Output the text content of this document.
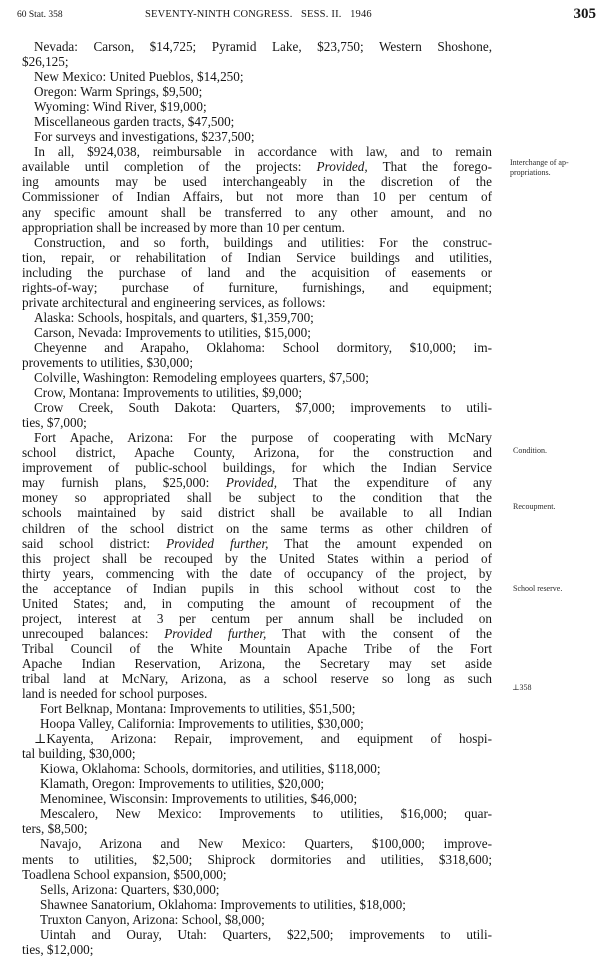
60 Stat. 358	SEVENTY-NINTH CONGRESS.   SESS. II.   1946	305
Nevada: Carson, $14,725; Pyramid Lake, $23,750; Western Shoshone,
$26,125;
New Mexico: United Pueblos, $14,250;
Oregon: Warm Springs, $9,500;
Wyoming: Wind River, $19,000;
Miscellaneous garden tracts, $47,500;
For surveys and investigations, $237,500;
In all, $924,038, reimbursable in accordance with law, and to remain
available until completion of the projects: Provided, That the forego-
ing amounts may be used interchangeably in the discretion of the
Commissioner of Indian Affairs, but not more than 10 per centum of
any specific amount shall be transferred to any other amount, and no
appropriation shall be increased by more than 10 per centum.
Construction, and so forth, buildings and utilities: For the construc-
tion, repair, or rehabilitation of Indian Service buildings and utilities,
including the purchase of land and the acquisition of easements or
rights-of-way; purchase of furniture, furnishings, and equipment;
private architectural and engineering services, as follows:
Alaska: Schools, hospitals, and quarters, $1,359,700;
Carson, Nevada: Improvements to utilities, $15,000;
Cheyenne and Arapaho, Oklahoma: School dormitory, $10,000; im-
provements to utilities, $30,000;
Colville, Washington: Remodeling employees quarters, $7,500;
Crow, Montana: Improvements to utilities, $9,000;
Crow Creek, South Dakota: Quarters, $7,000; improvements to utili-
ties, $7,000;
Fort Apache, Arizona: For the purpose of cooperating with McNary
school district, Apache County, Arizona, for the construction and
improvement of public-school buildings, for which the Indian Service
may furnish plans, $25,000: Provided, That the expenditure of any
money so appropriated shall be subject to the condition that the
schools maintained by said district shall be available to all Indian
children of the school district on the same terms as other children of
said school district: Provided further, That the amount expended on
this project shall be recouped by the United States within a period of
thirty years, commencing with the date of occupancy of the project, by
the acceptance of Indian pupils in this school without cost to the
United States; and, in computing the amount of recoupment of the
project, interest at 3 per centum per annum shall be included on
unrecouped balances: Provided further, That with the consent of the
Tribal Council of the White Mountain Apache Tribe of the Fort
Apache Indian Reservation, Arizona, the Secretary may set aside
tribal land at McNary, Arizona, as a school reserve so long as such
land is needed for school purposes.
Fort Belknap, Montana: Improvements to utilities, $51,500;
Hoopa Valley, California: Improvements to utilities, $30,000;
⊥Kayenta, Arizona: Repair, improvement, and equipment of hospi-
tal building, $30,000;
Kiowa, Oklahoma: Schools, dormitories, and utilities, $118,000;
Klamath, Oregon: Improvements to utilities, $20,000;
Menominee, Wisconsin: Improvements to utilities, $46,000;
Mescalero, New Mexico: Improvements to utilities, $16,000; quar-
ters, $8,500;
Navajo, Arizona and New Mexico: Quarters, $100,000; improve-
ments to utilities, $2,500; Shiprock dormitories and utilities, $318,600;
Toadlena School expansion, $500,000;
Sells, Arizona: Quarters, $30,000;
Shawnee Sanatorium, Oklahoma: Improvements to utilities, $18,000;
Truxton Canyon, Arizona: School, $8,000;
Uintah and Ouray, Utah: Quarters, $22,500; improvements to utili-
ties, $12,000;
Interchange of ap-
propriations.
Condition.
Recoupment.
School reserve.
⊥358
